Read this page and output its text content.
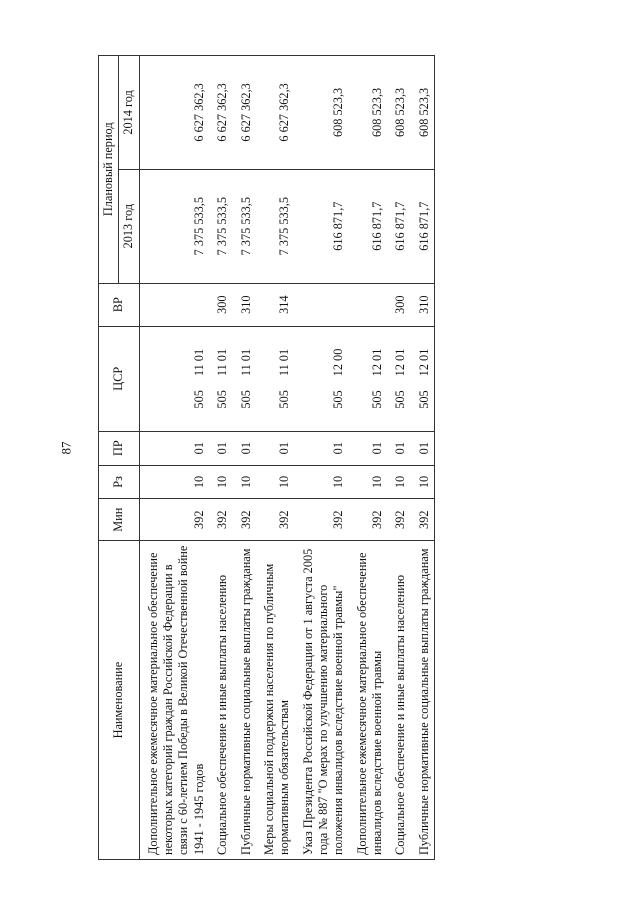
87
Наименование	Мин	Рз	ПР	ЦСР	ВР	Плановый период	
						2013 год	2014 год
Дополнительное ежемесячное материальное обеспечение некоторых категорий граждан Российской Федерации в связи с 60-летием Победы в Великой Отечественной войне 1941 - 1945 годов	392	10	01	50511 01		7 375 533,5	6 627 362,3
Социальное обеспечение и иные выплаты населению	392	10	01	50511 01	300	7 375 533,5	6 627 362,3
Публичные нормативные социальные выплаты гражданам	392	10	01	50511 01	310	7 375 533,5	6 627 362,3
Меры социальной поддержки населения по публичным нормативным обязательствам	392	10	01	50511 01	314	7 375 533,5	6 627 362,3
Указ Президента Российской Федерации от 1 августа 2005 года № 887 "О мерах по улучшению материального положения инвалидов вследствие военной травмы"	392	10	01	50512 00		616 871,7	608 523,3
Дополнительное ежемесячное материальное обеспечение инвалидов вследствие военной травмы	392	10	01	50512 01		616 871,7	608 523,3
Социальное обеспечение и иные выплаты населению	392	10	01	50512 01	300	616 871,7	608 523,3
Публичные нормативные социальные выплаты гражданам	392	10	01	50512 01	310	616 871,7	608 523,3
